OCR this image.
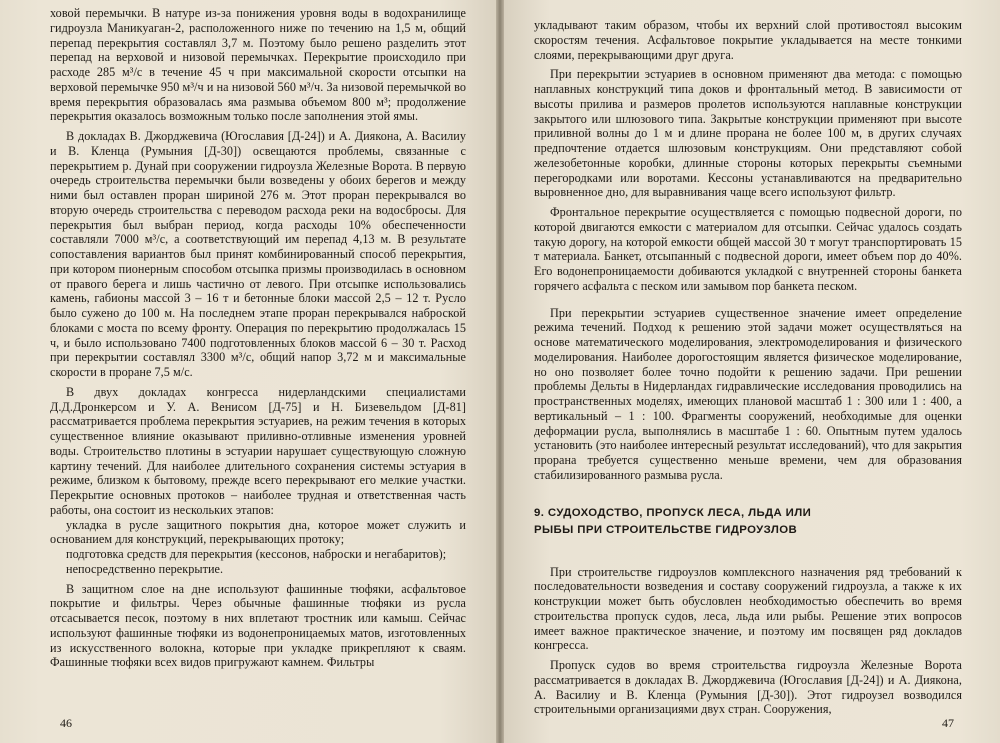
ховой перемычки. В натуре из-за понижения уровня воды в водохранилище гидроузла Маникуаган-2, расположенного ниже по течению на 1,5 м, общий перепад перекрытия составлял 3,7 м. Поэтому было решено разделить этот перепад на верховой и низовой перемычках. Перекрытие происходило при расходе 285 м³/с в течение 45 ч при максимальной скорости отсыпки на верховой перемычке 950 м³/ч и на низовой 560 м³/ч. За низовой перемычкой во время перекрытия образовалась яма размыва объемом 800 м³; продолжение перекрытия оказалось возможным только после заполнения этой ямы.

В докладах В. Джорджевича (Югославия [Д-24]) и А. Диякона, А. Василиу и В. Кленца (Румыния [Д-30]) освещаются проблемы, связанные с перекрытием р. Дунай при сооружении гидроузла Железные Ворота. В первую очередь строительства перемычки были возведены у обоих берегов и между ними был оставлен проран шириной 276 м. Этот проран перекрывался во вторую очередь строительства с переводом расхода реки на водосбросы. Для перекрытия был выбран период, когда расходы 10% обеспеченности составляли 7000 м³/с, а соответствующий им перепад 4,13 м. В результате сопоставления вариантов был принят комбинированный способ перекрытия, при котором пионерным способом отсыпка призмы производилась в основном от правого берега и лишь частично от левого. При отсыпке использовались камень, габионы массой 3 – 16 т и бетонные блоки массой 2,5 – 12 т. Русло было сужено до 100 м. На последнем этапе проран перекрывался наброской блоками с моста по всему фронту. Операция по перекрытию продолжалась 15 ч, и было использовано 7400 подготовленных блоков массой 6 – 30 т. Расход при перекрытии составлял 3300 м³/с, общий напор 3,72 м и максимальные скорости в проране 7,5 м/с.

В двух докладах конгресса нидерландскими специалистами Д.Д.Дронкерсом и У. А. Венисом [Д-75] и Н. Бизевельдом [Д-81] рассматривается проблема перекрытия эстуариев, на режим течения в которых существенное влияние оказывают приливно-отливные изменения уровней воды. Строительство плотины в эстуарии нарушает существующую сложную картину течений. Для наиболее длительного сохранения системы эстуария в режиме, близком к бытовому, прежде всего перекрывают его мелкие участки. Перекрытие основных протоков – наиболее трудная и ответственная часть работы, она состоит из нескольких этапов:

укладка в русле защитного покрытия дна, которое может служить и основанием для конструкций, перекрывающих протоку;

подготовка средств для перекрытия (кессонов, наброски и негабаритов);

непосредственно перекрытие.

В защитном слое на дне используют фашинные тюфяки, асфальтовое покрытие и фильтры. Через обычные фашинные тюфяки из русла отсасывается песок, поэтому в них вплетают тростник или камыш. Сейчас используют фашинные тюфяки из водонепроницаемых матов, изготовленных из искусственного волокна, которые при укладке прикрепляют к сваям. Фашинные тюфяки всех видов пригружают камнем. Фильтры

46

укладывают таким образом, чтобы их верхний слой противостоял высоким скоростям течения. Асфальтовое покрытие укладывается на месте тонкими слоями, перекрывающими друг друга.

При перекрытии эстуариев в основном применяют два метода: с помощью наплавных конструкций типа доков и фронтальный метод. В зависимости от высоты прилива и размеров пролетов используются наплавные конструкции закрытого или шлюзового типа. Закрытые конструкции применяют при высоте приливной волны до 1 м и длине прорана не более 100 м, в других случаях предпочтение отдается шлюзовым конструкциям. Они представляют собой железобетонные коробки, длинные стороны которых перекрыты съемными перегородками или воротами. Кессоны устанавливаются на предварительно выровненное дно, для выравнивания чаще всего используют фильтр.

Фронтальное перекрытие осуществляется с помощью подвесной дороги, по которой двигаются емкости с материалом для отсыпки. Сейчас удалось создать такую дорогу, на которой емкости общей массой 30 т могут транспортировать 15 т материала. Банкет, отсыпанный с подвесной дороги, имеет объем пор до 40%. Его водонепроницаемости добиваются укладкой с внутренней стороны банкета горячего асфальта с песком или замывом пор банкета песком.

При перекрытии эстуариев существенное значение имеет определение режима течений. Подход к решению этой задачи может осуществляться на основе математического моделирования, электромоделирования и физического моделирования. Наиболее дорогостоящим является физическое моделирование, но оно позволяет более точно подойти к решению задачи. При решении проблемы Дельты в Нидерландах гидравлические исследования проводились на пространственных моделях, имеющих плановой масштаб 1 : 300 или 1 : 400, а вертикальный – 1 : 100. Фрагменты сооружений, необходимые для оценки деформации русла, выполнялись в масштабе 1 : 60. Опытным путем удалось установить (это наиболее интересный результат исследований), что для закрытия прорана требуется существенно меньше времени, чем для образования стабилизированного размыва русла.

9. СУДОХОДСТВО, ПРОПУСК ЛЕСА, ЛЬДА ИЛИ
РЫБЫ ПРИ СТРОИТЕЛЬСТВЕ ГИДРОУЗЛОВ

При строительстве гидроузлов комплексного назначения ряд требований к последовательности возведения и составу сооружений гидроузла, а также к их конструкции может быть обусловлен необходимостью обеспечить во время строительства пропуск судов, леса, льда или рыбы. Решение этих вопросов имеет важное практическое значение, и поэтому им посвящен ряд докладов конгресса.

Пропуск судов во время строительства гидроузла Железные Ворота рассматривается в докладах В. Джорджевича (Югославия [Д-24]) и А. Диякона, А. Василиу и В. Кленца (Румыния [Д-30]). Этот гидроузел возводился строительными организациями двух стран. Сооружения,

47
